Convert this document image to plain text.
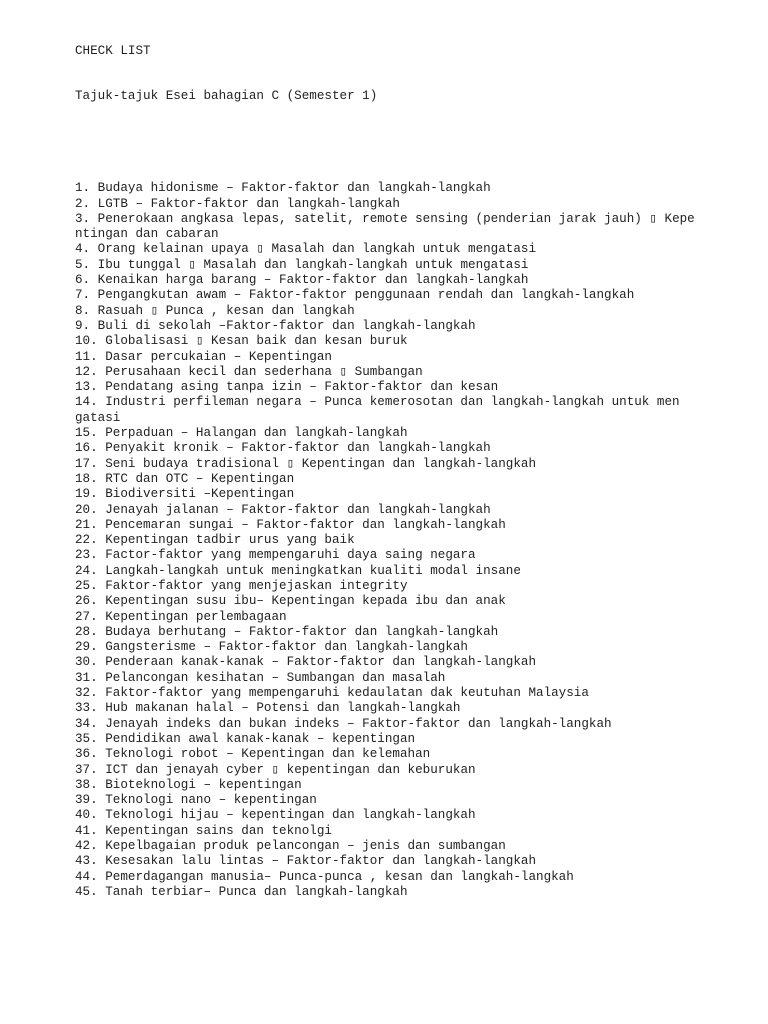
CHECK LIST

Tajuk-tajuk Esei bahagian C (Semester 1)

1. Budaya hidonisme – Faktor-faktor dan langkah-langkah
2. LGTB – Faktor-faktor dan langkah-langkah
3. Penerokaan angkasa lepas, satelit, remote sensing (penderian jarak jauh) ▯ Kepe
ntingan dan cabaran
4. Orang kelainan upaya ▯ Masalah dan langkah untuk mengatasi
5. Ibu tunggal ▯ Masalah dan langkah-langkah untuk mengatasi
6. Kenaikan harga barang – Faktor-faktor dan langkah-langkah
7. Pengangkutan awam – Faktor-faktor penggunaan rendah dan langkah-langkah
8. Rasuah ▯ Punca , kesan dan langkah
9. Buli di sekolah –Faktor-faktor dan langkah-langkah
10. Globalisasi ▯ Kesan baik dan kesan buruk
11. Dasar percukaian – Kepentingan
12. Perusahaan kecil dan sederhana ▯ Sumbangan
13. Pendatang asing tanpa izin – Faktor-faktor dan kesan
14. Industri perfileman negara – Punca kemerosotan dan langkah-langkah untuk men
gatasi
15. Perpaduan – Halangan dan langkah-langkah
16. Penyakit kronik – Faktor-faktor dan langkah-langkah
17. Seni budaya tradisional ▯ Kepentingan dan langkah-langkah
18. RTC dan OTC – Kepentingan
19. Biodiversiti –Kepentingan
20. Jenayah jalanan – Faktor-faktor dan langkah-langkah
21. Pencemaran sungai – Faktor-faktor dan langkah-langkah
22. Kepentingan tadbir urus yang baik
23. Factor-faktor yang mempengaruhi daya saing negara
24. Langkah-langkah untuk meningkatkan kualiti modal insane
25. Faktor-faktor yang menjejaskan integrity
26. Kepentingan susu ibu– Kepentingan kepada ibu dan anak
27. Kepentingan perlembagaan
28. Budaya berhutang – Faktor-faktor dan langkah-langkah
29. Gangsterisme – Faktor-faktor dan langkah-langkah
30. Penderaan kanak-kanak – Faktor-faktor dan langkah-langkah
31. Pelancongan kesihatan – Sumbangan dan masalah
32. Faktor-faktor yang mempengaruhi kedaulatan dak keutuhan Malaysia
33. Hub makanan halal – Potensi dan langkah-langkah
34. Jenayah indeks dan bukan indeks – Faktor-faktor dan langkah-langkah
35. Pendidikan awal kanak-kanak – kepentingan
36. Teknologi robot – Kepentingan dan kelemahan
37. ICT dan jenayah cyber ▯ kepentingan dan keburukan
38. Bioteknologi – kepentingan
39. Teknologi nano – kepentingan
40. Teknologi hijau – kepentingan dan langkah-langkah
41. Kepentingan sains dan teknolgi
42. Kepelbagaian produk pelancongan – jenis dan sumbangan
43. Kesesakan lalu lintas – Faktor-faktor dan langkah-langkah
44. Pemerdagangan manusia– Punca-punca , kesan dan langkah-langkah
45. Tanah terbiar– Punca dan langkah-langkah
